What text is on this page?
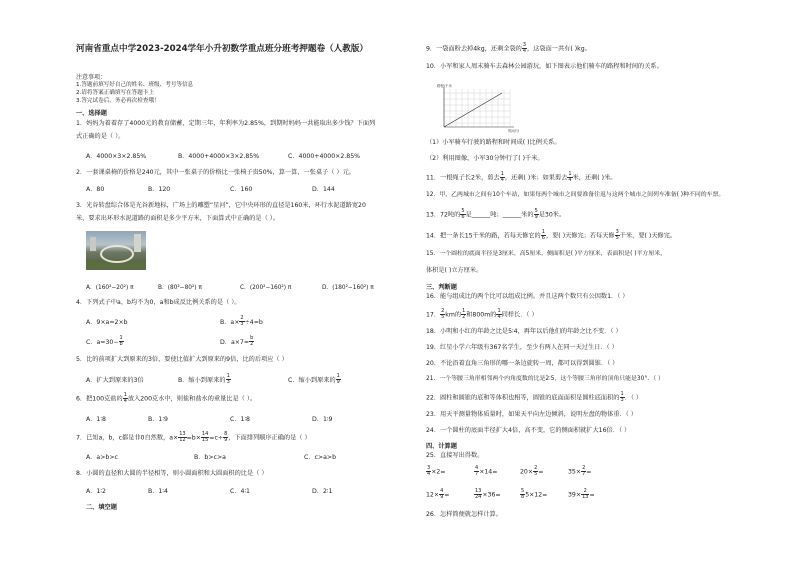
河南省重点中学2023-2024学年小升初数学重点班分班考押题卷（人教版）
注意事项：
1.答题前填写好自己的姓名、班级、考号等信息
2.请将答案正确填写在答题卡上
3.答完试卷后，务必再次检查哦！
一、选择题
1．妈妈为着着存了4000元的教育储蓄，定期三年，年利率为2.85%，到期时妈妈一共能取出多少钱？下面列
式正确的是（ ）。
A．4000×3×2.85%	B．4000+4000×3×2.85%	C．4000+4000×2.85%
2．一套课桌椅的价格是240元，其中一张桌子的价格比一张椅子贵50%，算一算，一张桌子（ ）元。
A．80	B．120	C．160	D．144
3．光谷转盘综合体是光谷新地标，广场上的雕塑“星河”，它中央环形的直径是160米，环行水泥道路宽20
米，要求出环形水泥道路的面积是多少平方米，下面算式中正确的是（ ）。
A．(160²−20²) π	B．(80²−80²) π	C．(200²−160²) π	D．(180²−160²) π
4．下列式子中a，b均不为0，a和b成反比例关系的是（ ）。
A．9×a=2×b	B．$a\times \frac{2}{3} \div 4=b$
C．$a=30- \frac{1}{b}$	D．$a\times 7= \frac{b}{2}$
5．比的前项扩大到原来的3倍，要使比值扩大到原来的9倍，比的后项应（ ）
A．扩大到原来的3倍	B．缩小到原来的 $\frac{1}{3}$	C．缩小到原来的 $\frac{1}{9}$
6．把100克盐的 $\frac{1}{4}$ 放入200克水中，则盐和盐水的重量比是（ ）。
A．1∶8	B．1∶9	C．1∶8	D．1∶9
7．已知a，b，c都是非0自然数，$a\times \frac{13}{12} =b\times \frac{14}{15} =c\div \frac{8}{9}$ ，下面排列顺序正确的是（ ）
A．a>b>c	B．b>c>a	C．c>a>b
8．小圆的直径和大圆的半径相等，则小圆面积和大圆面积的比是（ ）
A．1∶2	B．1∶4	C．4∶1	D．2∶1
二、填空题
9．一袋面粉去掉4kg，还剩全袋的 $\frac{3}{4}$ ，这袋面一共有( )kg。
10．小军和家人周末骑车去森林公园游玩，如下图表示他们骑车的路程和时间的关系。
路程/千米
时间/分
（1）小军骑车行驶的路程和时间成( )比例关系。
（2）利用图像，小军30分钟行了( )千米。
11．一根绳子长2米，剪去 $\frac{1}{4}$ ，还剩( )米；如果剪去 $\frac{1}{4}$ 米，还剩( )米。
12．甲、乙两城市之间有10个车站，如果每两个城市之间要准备往返与这两个城市之间列车准备( )种不同的车票。
13．72吨的 $\frac{5}{6}$ 是______吨；______米的 $\frac{5}{9}$ 是30米。
14．把一条长15千米的路，若每天修它的 $\frac{1}{6}$ ，要( )天修完；若每天修 $\frac{3}{5}$ 千米，要( )天修完。
15．一个圆柱的底面半径是3厘米，高5厘米，侧面积是( )平方厘米，表面积是( )平方厘米，
体积是( )立方厘米。
三、判断题
16．能与组成比的两个比可以组成比例。并且这两个数只有公因数1．（ ）
17． $\frac{2}{5}$ km的 $\frac{1}{2}$ 和800m的 $\frac{1}{4}$ 同样长．（ ）
18．小明和小红的年龄之比是5∶4，再年以后他们的年龄之比不变．（ ）
19．红星小学六年级有367名学生，至少有两人在同一天过生日．（ ）
20．不论沿着直角三角形的哪一条边旋转一周，都可以得到圆锥．（ ）
21．一个等腰三角形相邻两个内角度数的比是2∶5，这个等腰三角形的顶角只能是30°．（ ）
22．圆柱和圆锥的底和等体积也相等，圆锥的底面面积是圆柱底面积的 $\frac{1}{3}$ ．（ ）
23．用天平测量物体质量时，如果天平向左边倾斜，说明左盘的物体重．（ ）
24．一个圆柱的底面半径扩大4倍，高不变，它的侧面积就扩大16倍．（ ）
四、计算题
25．直接写出得数。
$\frac{3}{4} \times 2=$	$\frac{4}{7} \times 14=$	$20\times \frac{2}{5}$ =	$35\times \frac{2}{7}$ =
$12\times \frac{4}{9}$ =	$\frac{13}{24} \times 36=$	$\frac{5}{8} 5\times 12=$	$39\times \frac{2}{13}$ =
26．怎样简便就怎样计算。
